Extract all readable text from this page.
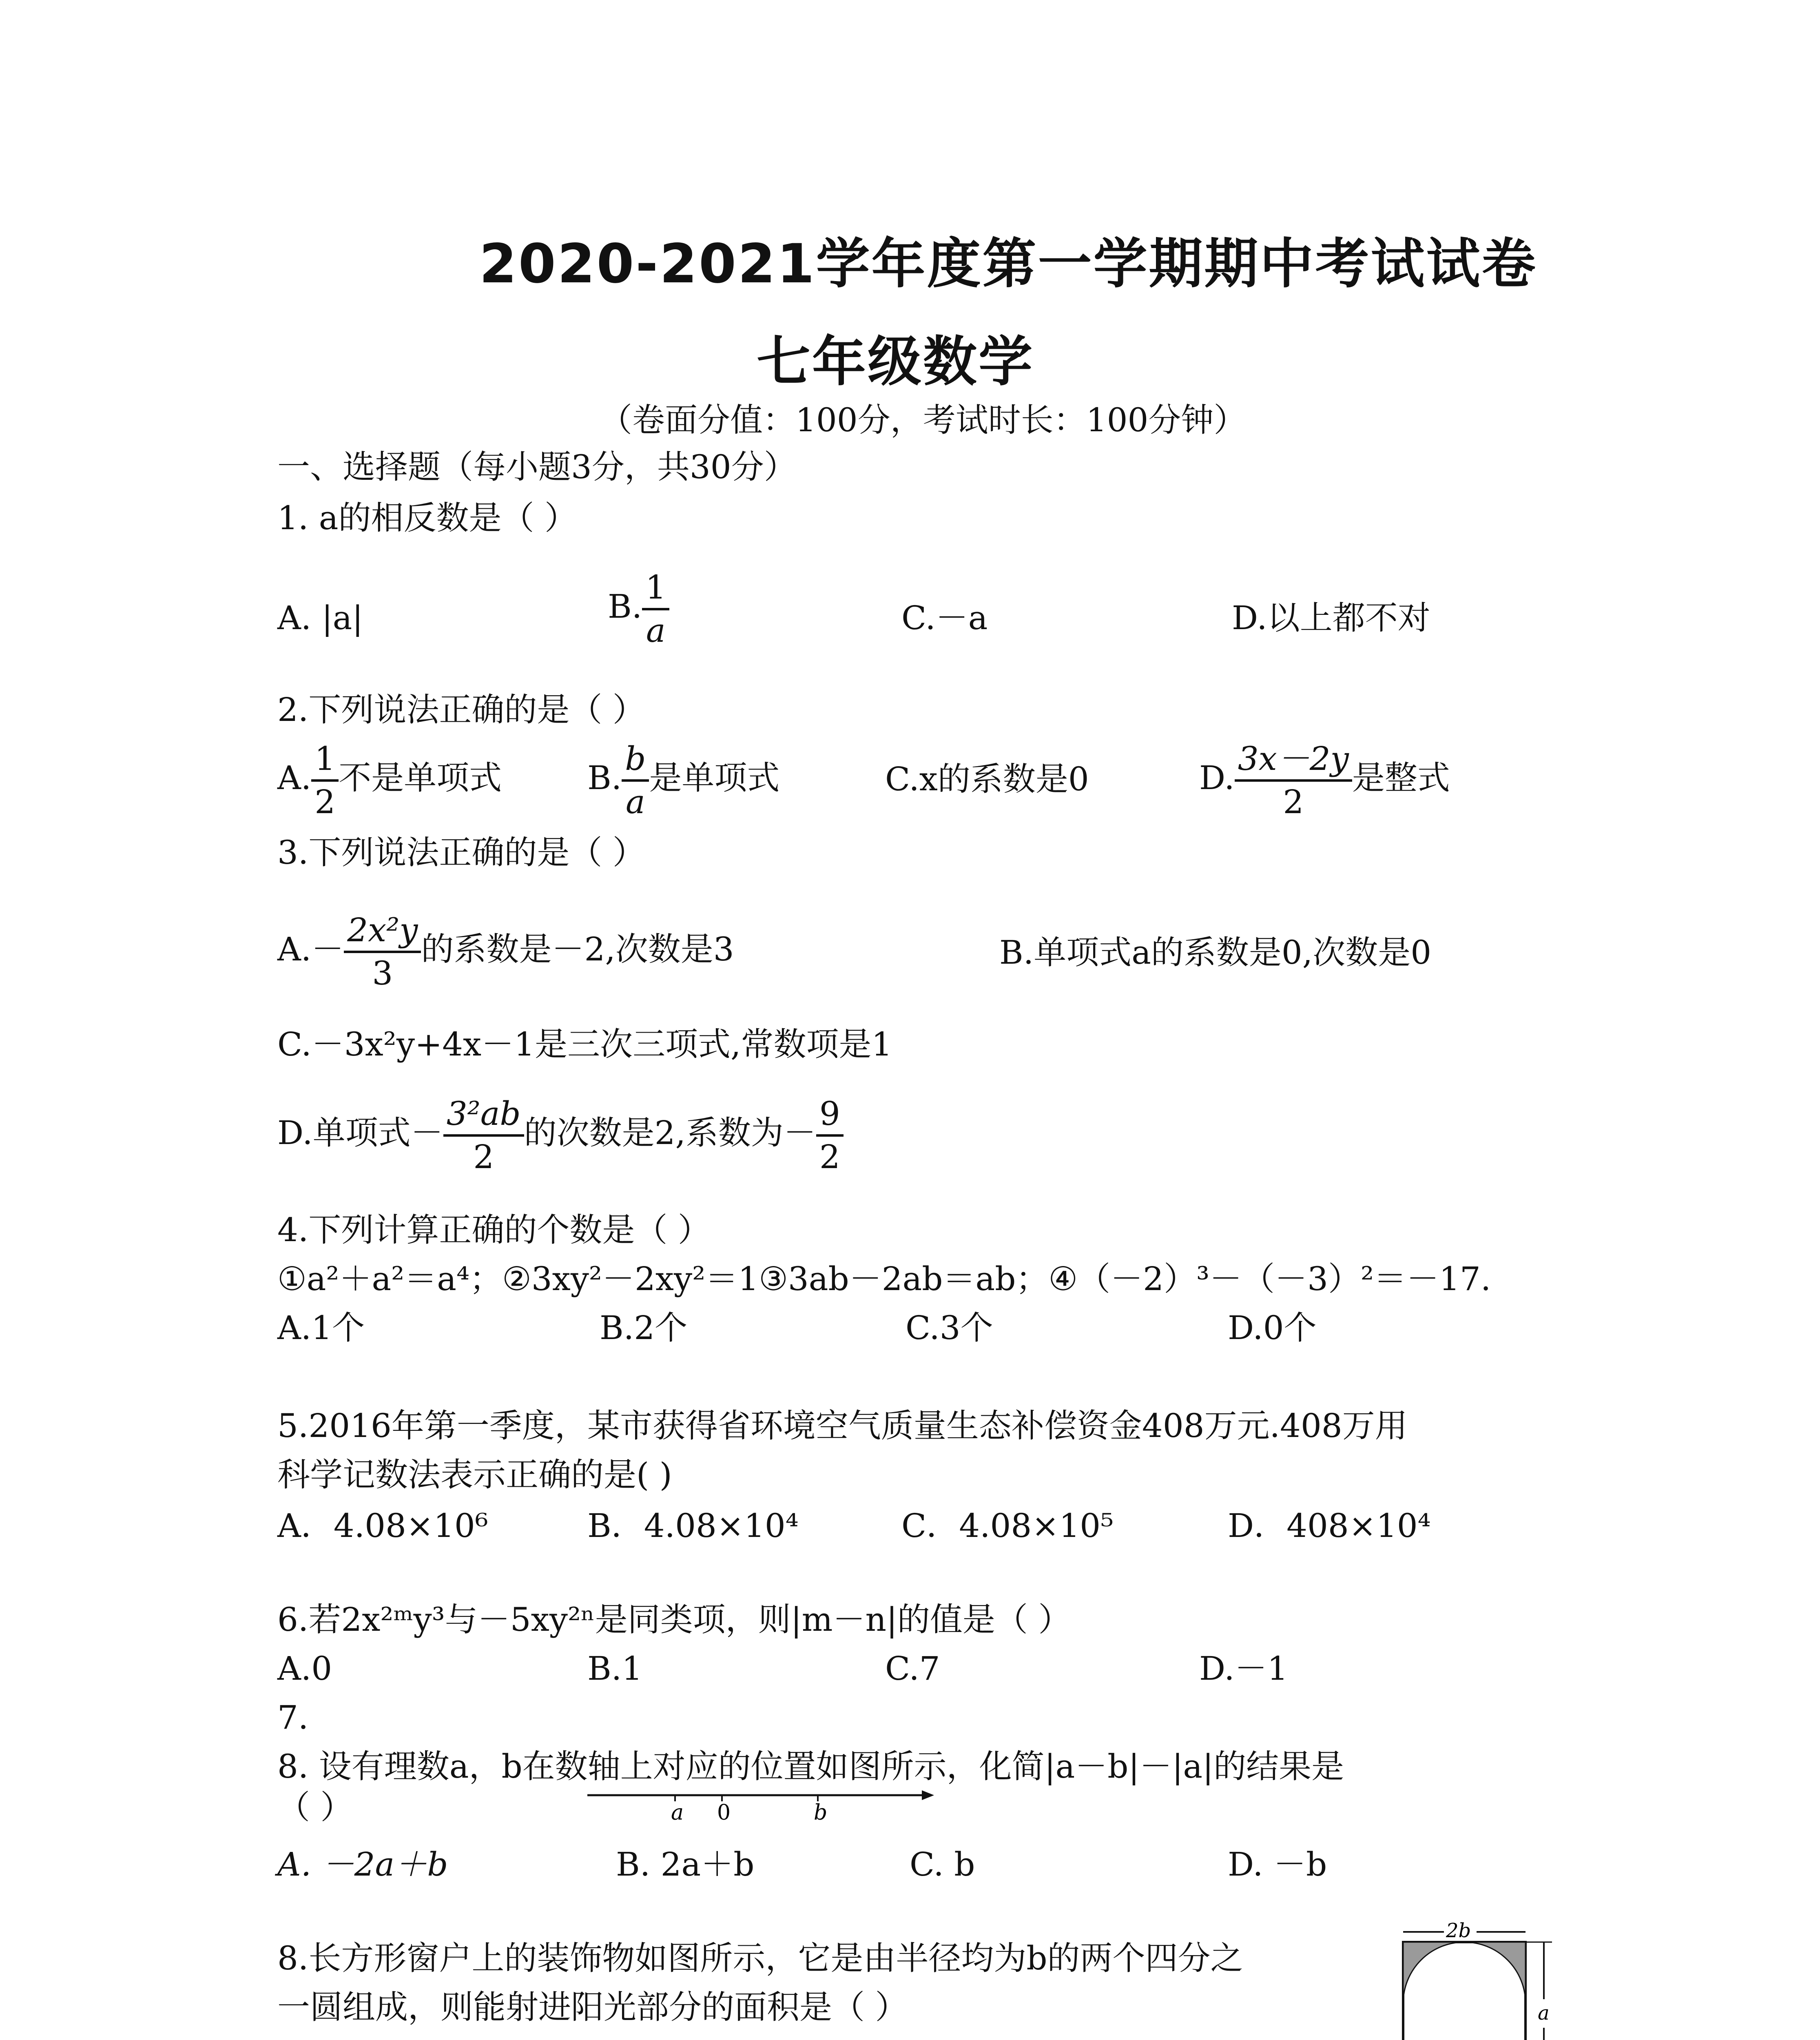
2020-2021学年度第一学期期中考试试卷
七年级数学
（卷面分值：100分，考试时长：100分钟）
一、选择题（每小题3分，共30分）
1. a的相反数是（ ）
A. |a|	B. $\frac{1}{a}$	C.－a	D.以上都不对
2.下列说法正确的是（ ）
A. $\frac{1}{2}$ 不是单项式	B. $\frac{b}{a}$ 是单项式	C.x的系数是0	D. $\frac{3x-2y}{2}$ 是整式
3.下列说法正确的是（ ）
$A.- \frac{\text{2x²y}}{3}$ 的系数是－2,次数是3	B.单项式a的系数是0,次数是0
C.－3x²y+4x－1是三次三项式,常数项是1
D.单项式－ $\frac{\text{3²ab}}{2}$ 的次数是2,系数为－ $\frac{9}{2}$
4.下列计算正确的个数是（ ）
①a²＋a²＝a⁴；②3xy²－2xy²＝1③3ab－2ab＝ab；④（－2）³－（－3）²＝－17.
A.1个	B.2个	C.3个	D.0个
5.2016年第一季度，某市获得省环境空气质量生态补偿资金408万元.408万用
科学记数法表示正确的是( )
A．4.08×10⁶	B．4.08×10⁴	C．4.08×10⁵	D．408×10⁴
6.若2x²ᵐy³与－5xy²ⁿ是同类项，则|m－n|的值是（ ）
A.0	B.1	C.7	D.－1
7.
8. 设有理数a，b在数轴上对应的位置如图所示，化简|a－b|－|a|的结果是
（ ）	a 0	b
A. －2a＋b	B. 2a＋b	C. b	D. －b
8.长方形窗户上的装饰物如图所示，它是由半径均为b的两个四分之
一圆组成，则能射进阳光部分的面积是（ ）
2b
a
